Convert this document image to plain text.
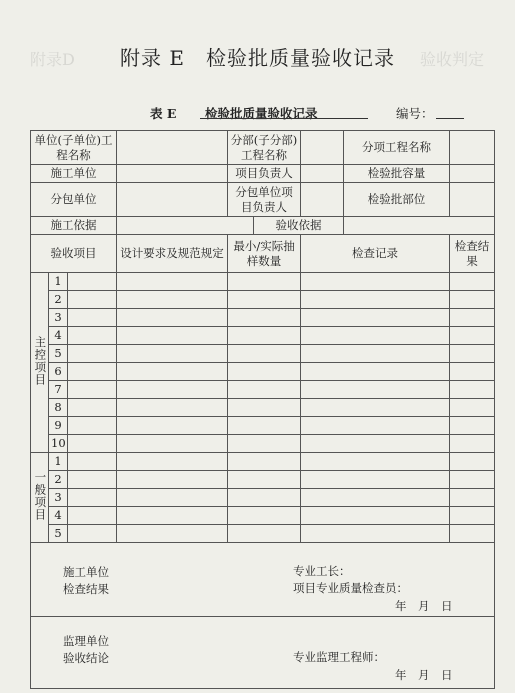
附录D	验收判定
附录 E　检验批质量验收记录
表 E 检验批质量验收记录	编号：
单位(子单位)工程名称				分部(子分部)工程名称			分项工程名称	
施工单位				项目负责人			检验批容量	
分包单位				分包单位项目负责人			检验批部位	
施工依据					验收依据			
验收项目			设计要求及规范规定	最小/实际抽样数量		检查记录		检查结果
主控项目	1							
	2							
	3							
	4							
	5							
	6							
	7							
	8							
	9							
	10							
一般项目	1							
	2							
	3							
	4							
	5							

施工单位
检查结果
专业工长：
项目专业质量检查员：
年　月　日								

监理单位
验收结论 专业监理工程师：
年　月　日								
